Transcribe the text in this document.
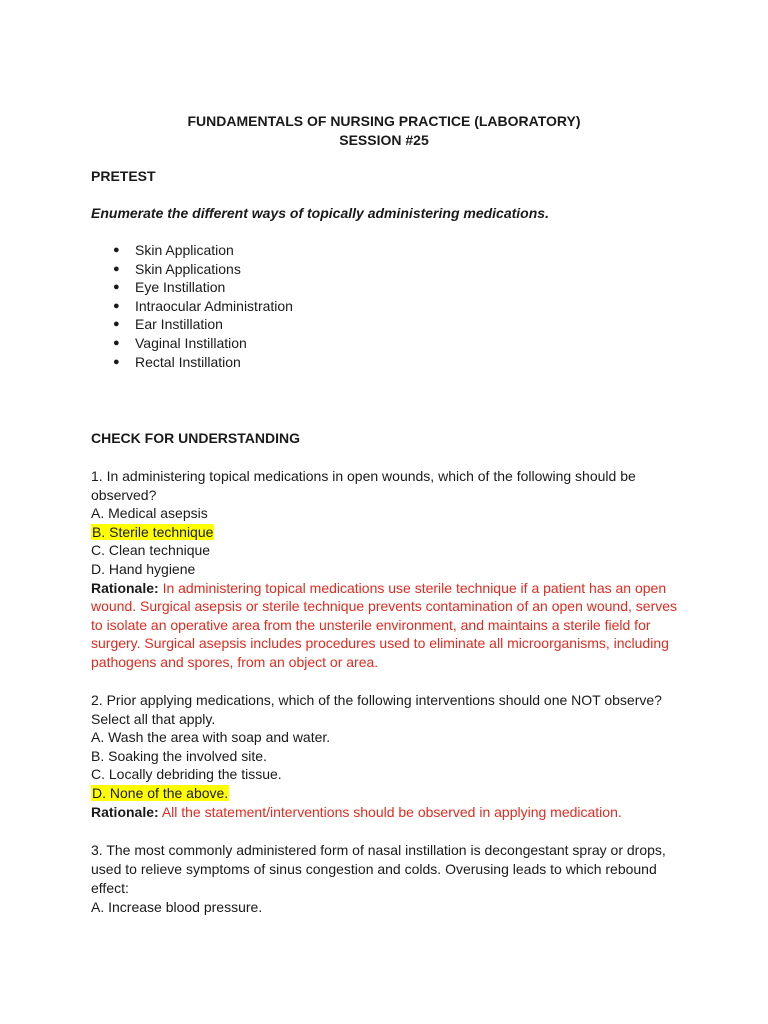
FUNDAMENTALS OF NURSING PRACTICE (LABORATORY)
SESSION #25
PRETEST
Enumerate the different ways of topically administering medications.
● Skin Application
● Skin Applications
● Eye Instillation
● Intraocular Administration
● Ear Instillation
● Vaginal Instillation
● Rectal Instillation
CHECK FOR UNDERSTANDING
1. In administering topical medications in open wounds, which of the following should be
observed?
A. Medical asepsis
B. Sterile technique
C. Clean technique
D. Hand hygiene
Rationale: In administering topical medications use sterile technique if a patient has an open
wound. Surgical asepsis or sterile technique prevents contamination of an open wound, serves
to isolate an operative area from the unsterile environment, and maintains a sterile field for
surgery. Surgical asepsis includes procedures used to eliminate all microorganisms, including
pathogens and spores, from an object or area.
2. Prior applying medications, which of the following interventions should one NOT observe?
Select all that apply.
A. Wash the area with soap and water.
B. Soaking the involved site.
C. Locally debriding the tissue.
D. None of the above.
Rationale: All the statement/interventions should be observed in applying medication.
3. The most commonly administered form of nasal instillation is decongestant spray or drops,
used to relieve symptoms of sinus congestion and colds. Overusing leads to which rebound
effect:
A. Increase blood pressure.
